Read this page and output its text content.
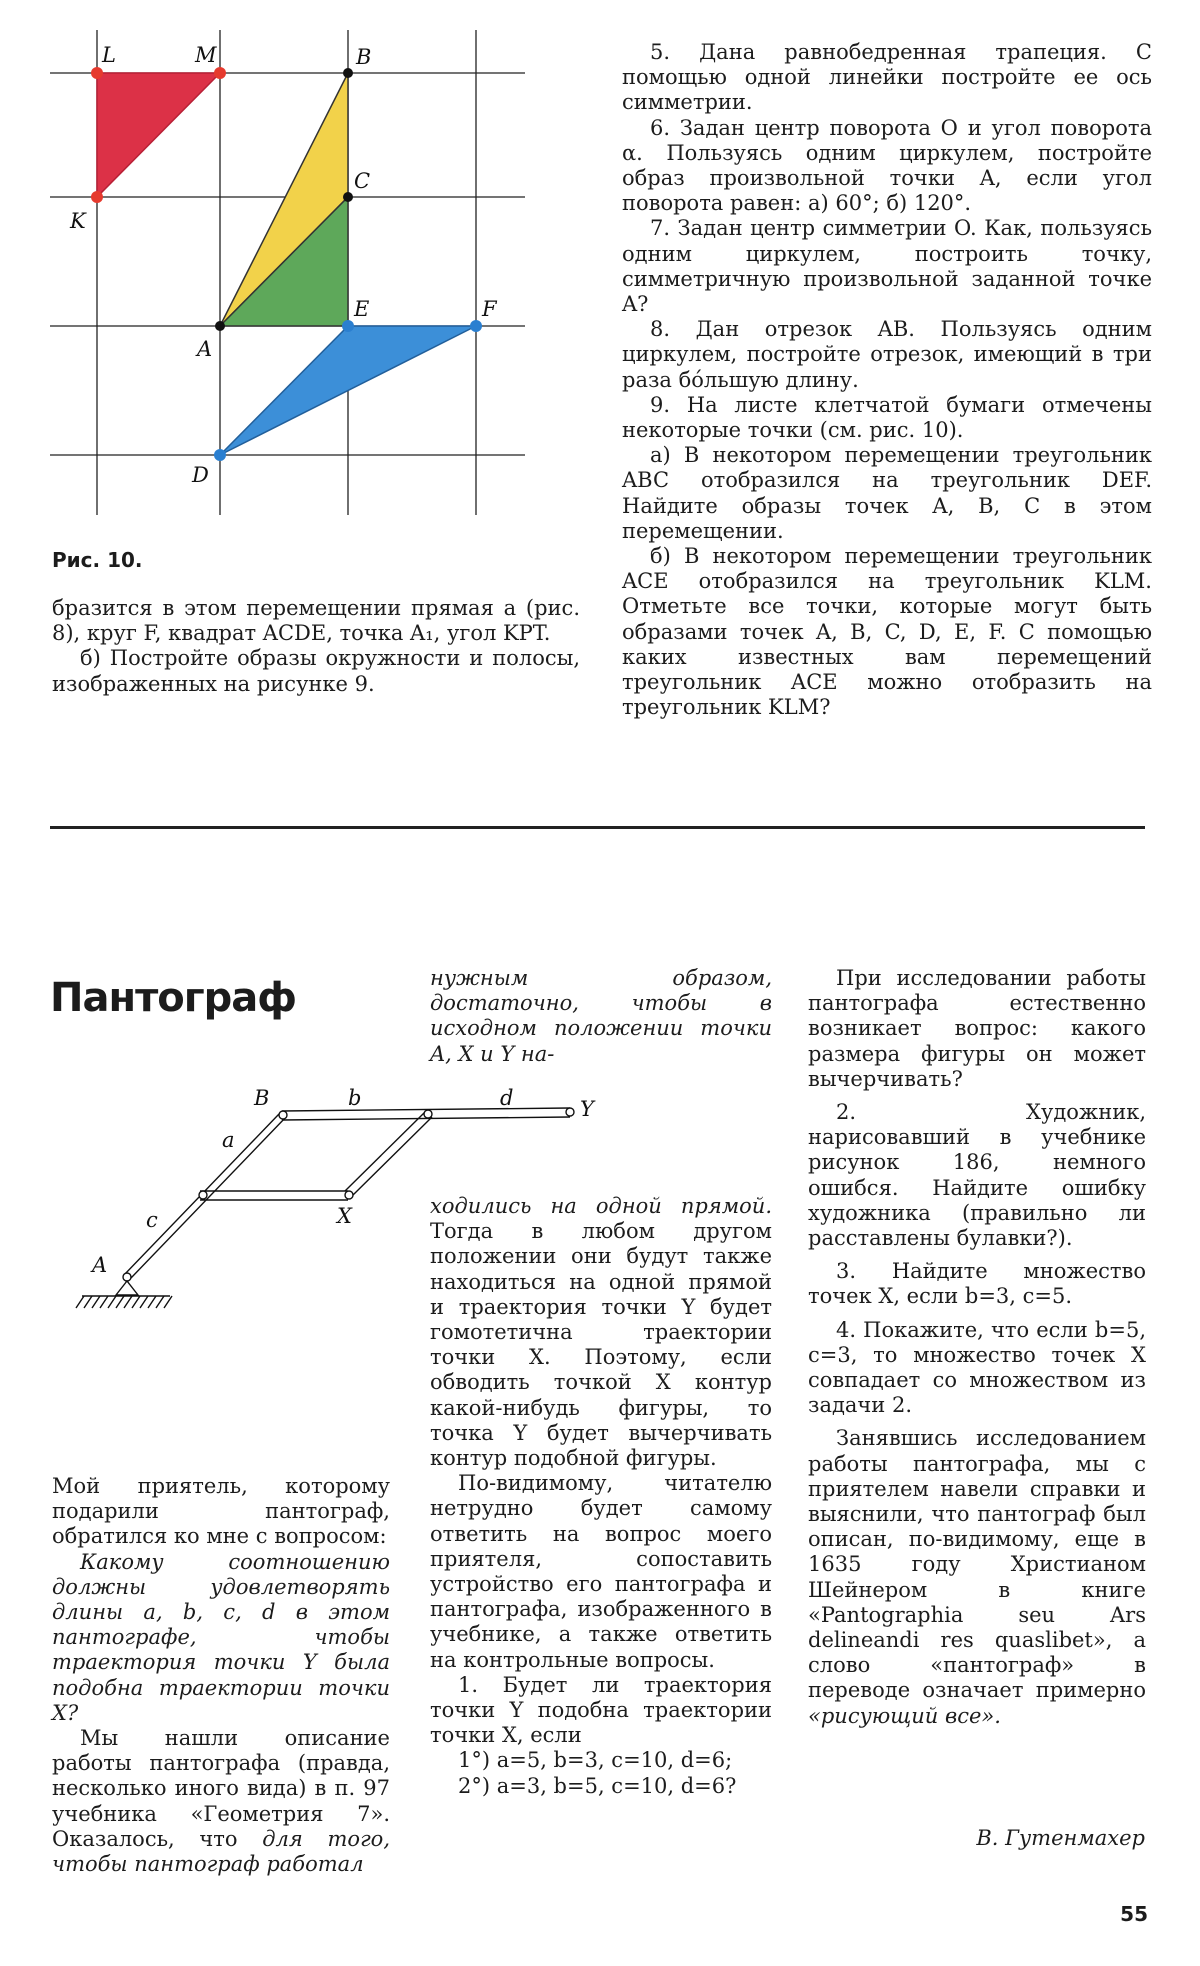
L	M	B
K
C
A
E	F
D
Рис. 10.

бразится в этом перемещении прямая a (рис. 8), круг F, квадрат ACDE, точка A₁, угол KPT.

б) Постройте образы окружности и полосы, изображенных на рисунке 9.

5. Дана равнобедренная трапеция. С помощью одной линейки постройте ее ось симметрии.

6. Задан центр поворота O и угол поворота α. Пользуясь одним циркулем, постройте образ произвольной точки A, если угол поворота равен: а) 60°; б) 120°.

7. Задан центр симметрии O. Как, пользуясь одним циркулем, построить точку, симметричную произвольной заданной точке A?

8. Дан отрезок AB. Пользуясь одним циркулем, постройте отрезок, имеющий в три раза бо́льшую длину.

9. На листе клетчатой бумаги отмечены некоторые точки (см. рис. 10).

а) В некотором перемещении треугольник ABC отобразился на треугольник DEF. Найдите образы точек A, B, C в этом перемещении.

б) В некотором перемещении треугольник ACE отобразился на треугольник KLM. Отметьте все точки, которые могут быть образами точек A, B, C, D, E, F. С помощью каких известных вам перемещений треугольник ACE можно отобразить на треугольник KLM?

Пантограф
A
B
X
Y
a
b
c
d

Мой приятель, которому подарили пантограф, обратился ко мне с вопросом:

Какому соотношению должны удовлетворять длины a, b, c, d в этом пантографе, чтобы траектория точки Y была подобна траектории точки X?

Мы нашли описание работы пантографа (правда, несколько иного вида) в п. 97 учебника «Геометрия 7». Оказалось, что для того, чтобы пантограф работал

нужным образом, достаточно, чтобы в исходном положении точки A, X и Y на-

ходились на одной прямой. Тогда в любом другом положении они будут также находиться на одной прямой и траектория точки Y будет гомотетична траектории точки X. Поэтому, если обводить точкой X контур какой-нибудь фигуры, то точка Y будет вычерчивать контур подобной фигуры.

По-видимому, читателю нетрудно будет самому ответить на вопрос моего приятеля, сопоставить устройство его пантографа и пантографа, изображенного в учебнике, а также ответить на контрольные вопросы.

1. Будет ли траектория точки Y подобна траектории точки X, если

1°) a=5, b=3, c=10, d=6;

2°) a=3, b=5, c=10, d=6?

При исследовании работы пантографа естественно возникает вопрос: какого размера фигуры он может вычерчивать?

2. Художник, нарисовавший в учебнике рисунок 186, немного ошибся. Найдите ошибку художника (правильно ли расставлены булавки?).

3. Найдите множество точек X, если b=3, c=5.

4. Покажите, что если b=5, c=3, то множество точек X совпадает со множеством из задачи 2.

Занявшись исследованием работы пантографа, мы с приятелем навели справки и выяснили, что пантограф был описан, по-видимому, еще в 1635 году Христианом Шейнером в книге «Pantographia seu Ars delineandi res quaslibet», а слово «пантограф» в переводе означает примерно «рисующий все».

В. Гутенмахер
55
